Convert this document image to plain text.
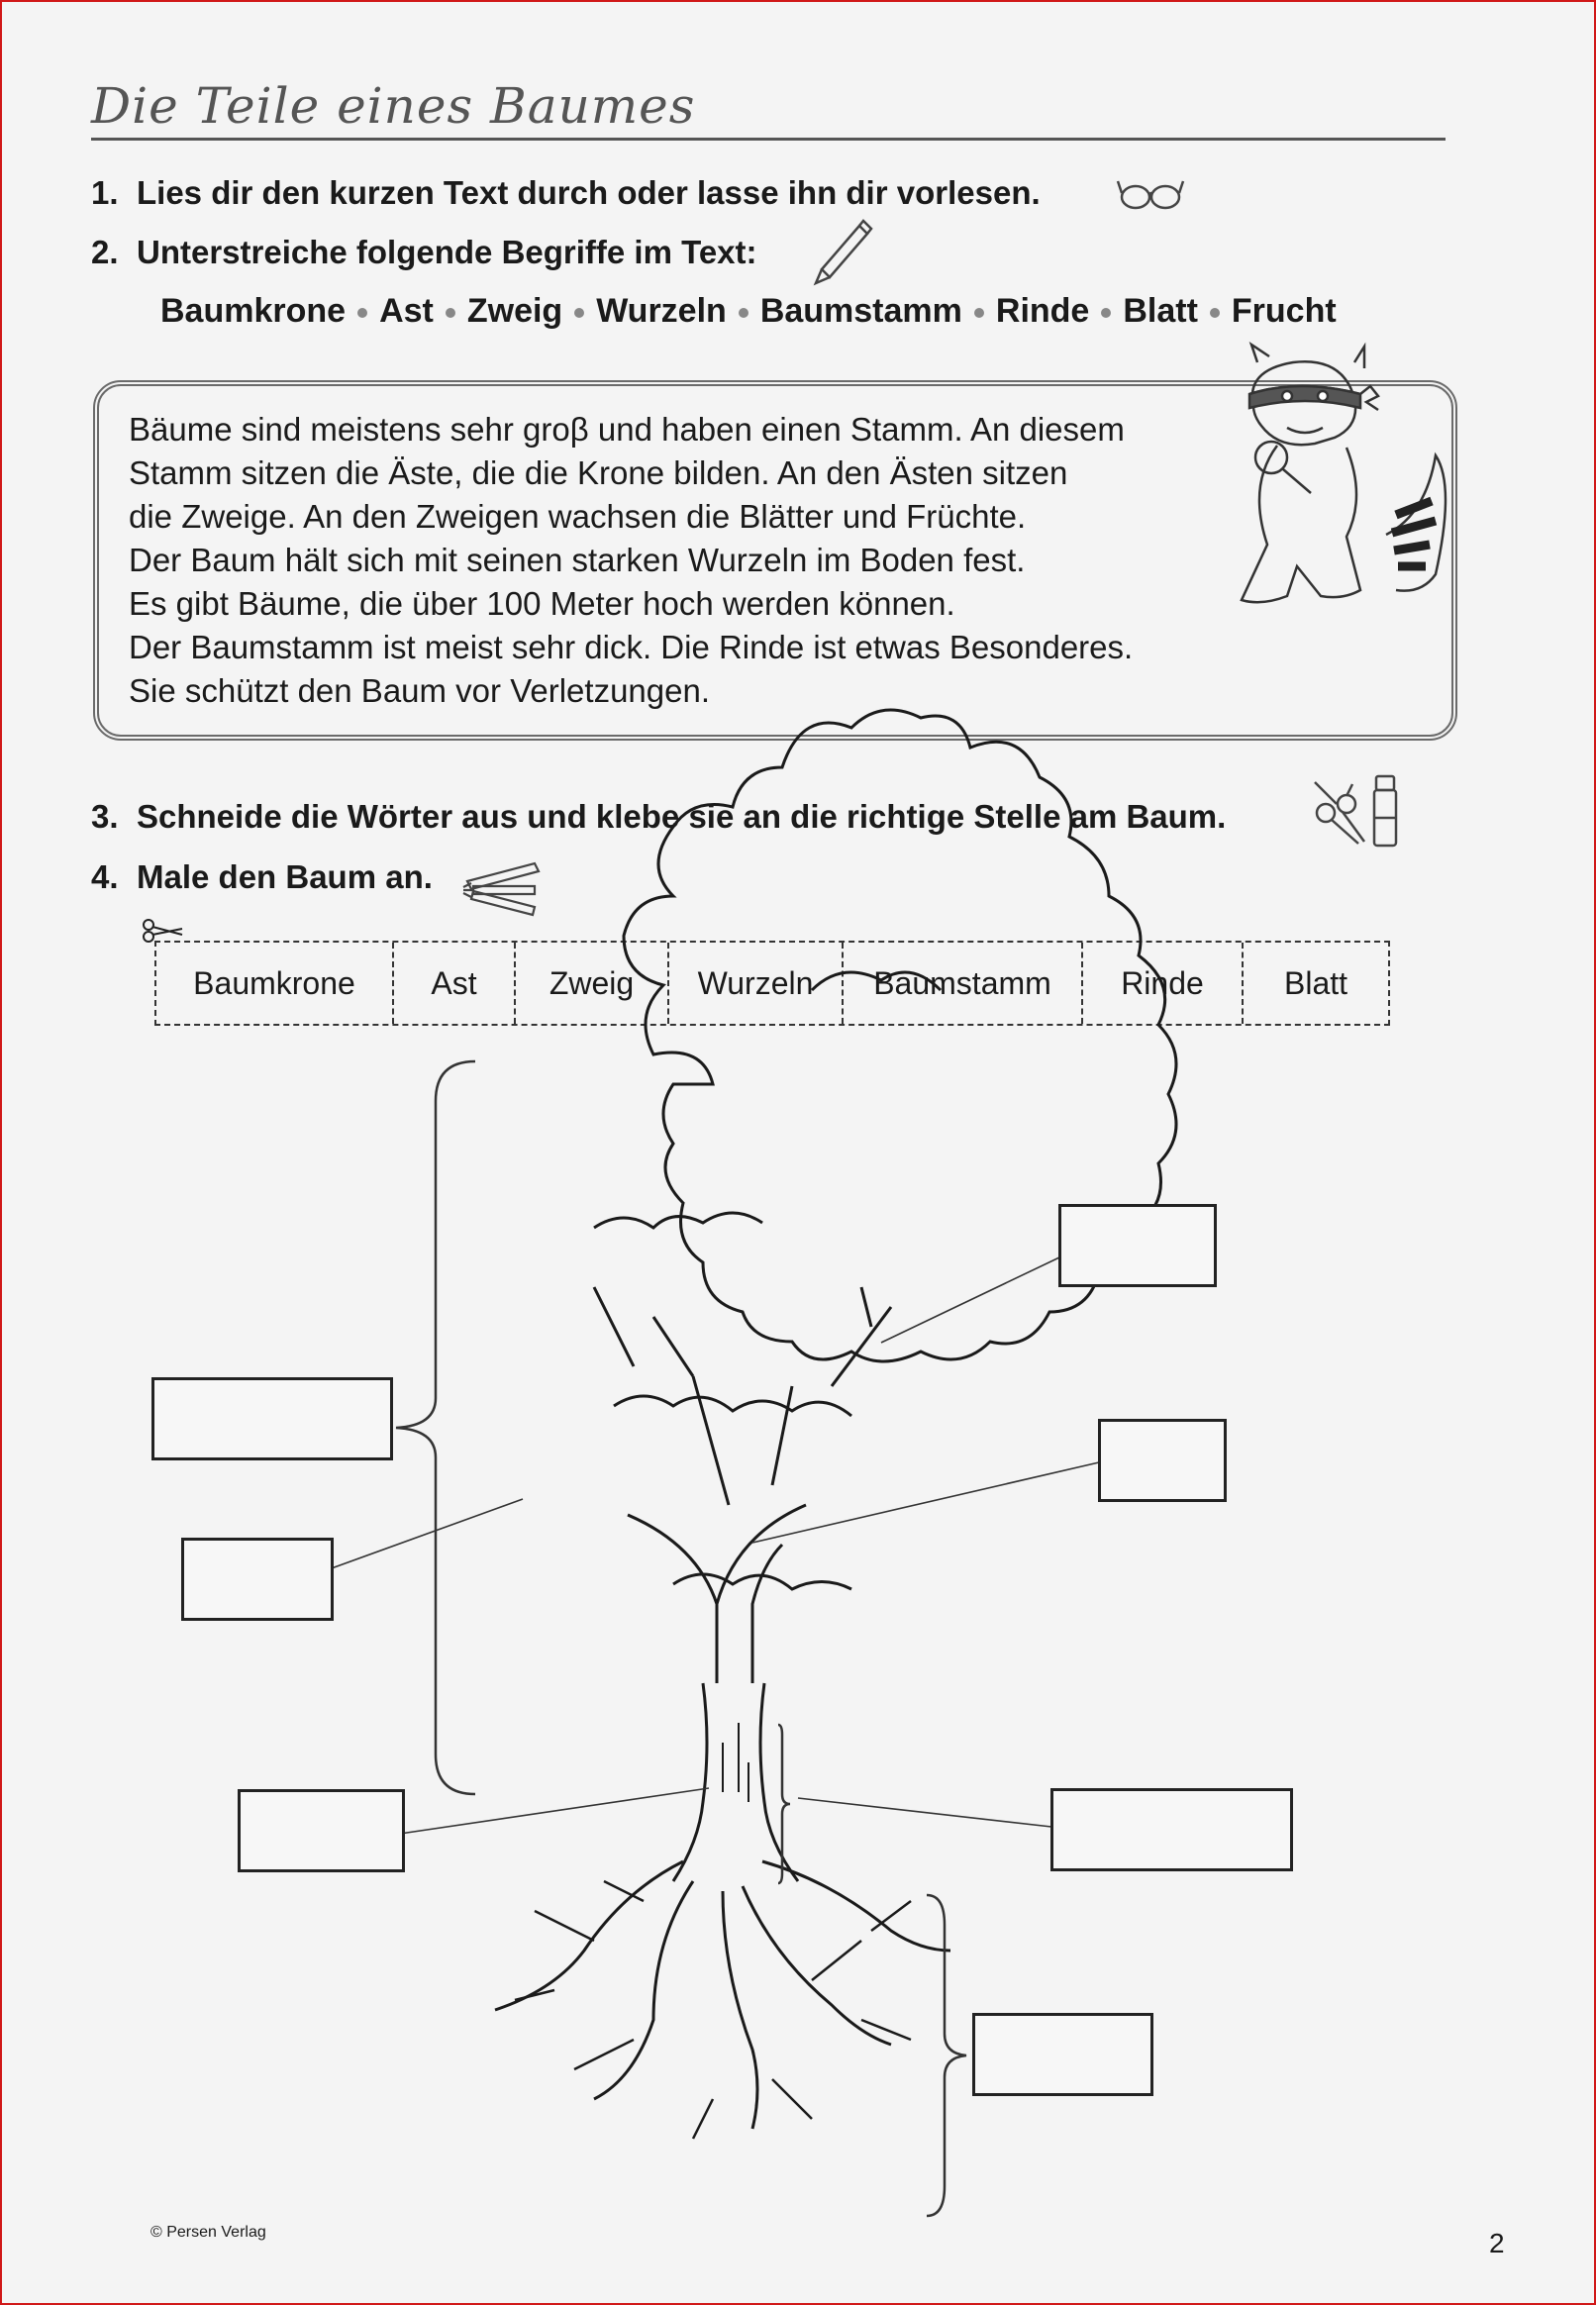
Die Teile eines Baumes
1. Lies dir den kurzen Text durch oder lasse ihn dir vorlesen.
2. Unterstreiche folgende Begriffe im Text:
Baumkrone Ast Zweig Wurzeln Baumstamm Rinde Blatt Frucht

Bäume sind meistens sehr groβ und haben einen Stamm. An diesem
Stamm sitzen die Äste, die die Krone bilden. An den Ästen sitzen
die Zweige. An den Zweigen wachsen die Blätter und Früchte.
Der Baum hält sich mit seinen starken Wurzeln im Boden fest.
Es gibt Bäume, die über 100 Meter hoch werden können.
Der Baumstamm ist meist sehr dick. Die Rinde ist etwas Besonderes.
Sie schützt den Baum vor Verletzungen.

3. Schneide die Wörter aus und klebe sie an die richtige Stelle am Baum.
4. Male den Baum an.
Baumkrone	Ast	Zweig	Wurzeln	Baumstamm	Rinde	Blatt
© Persen Verlag	2
